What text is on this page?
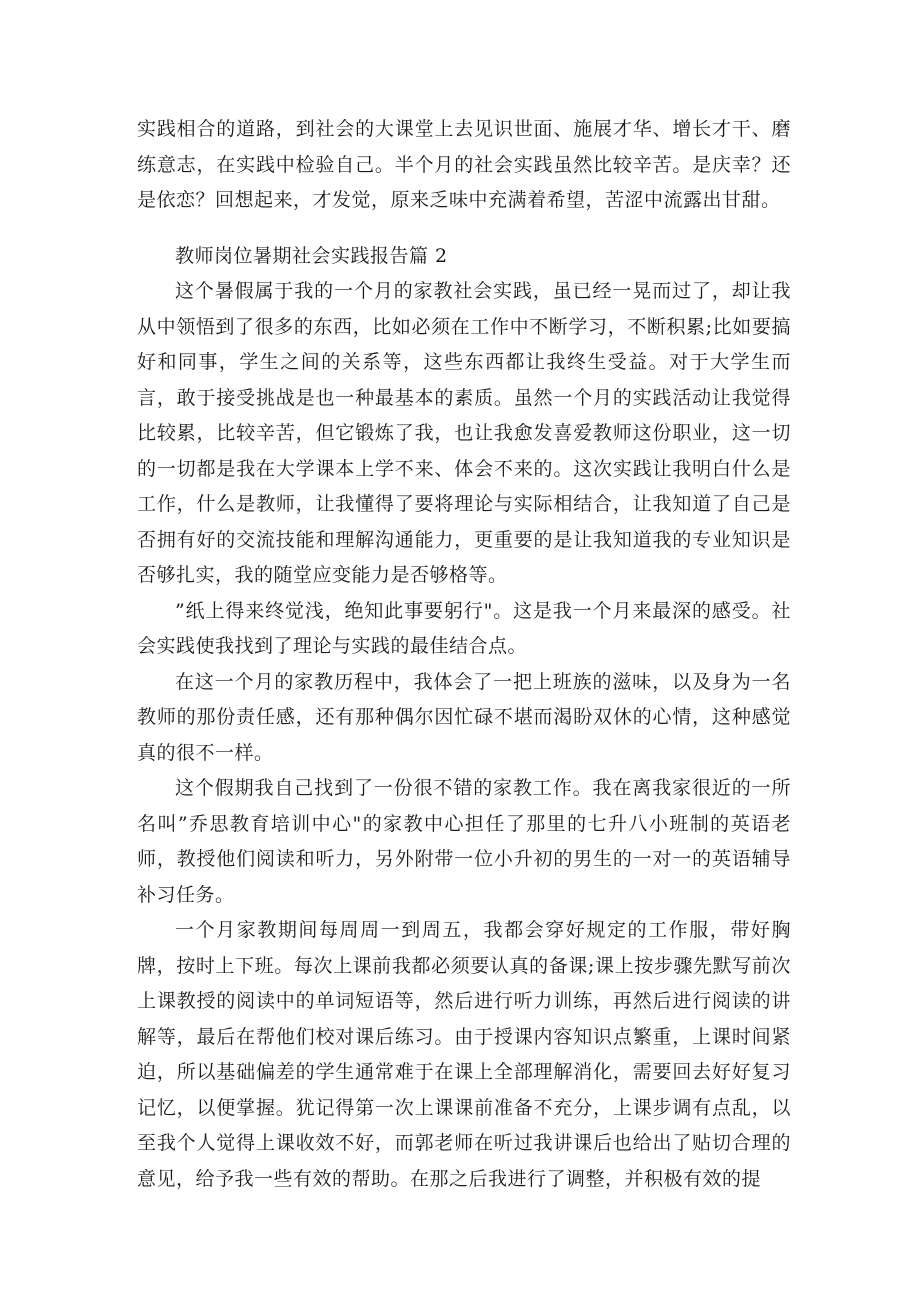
实践相合的道路，到社会的大课堂上去见识世面、施展才华、增长才干、磨练意志，在实践中检验自己。半个月的社会实践虽然比较辛苦。是庆幸？还是依恋？回想起来，才发觉，原来乏味中充满着希望，苦涩中流露出甘甜。

教师岗位暑期社会实践报告篇 2

这个暑假属于我的一个月的家教社会实践，虽已经一晃而过了，却让我从中领悟到了很多的东西，比如必须在工作中不断学习，不断积累;比如要搞好和同事，学生之间的关系等，这些东西都让我终生受益。对于大学生而言，敢于接受挑战是也一种最基本的素质。虽然一个月的实践活动让我觉得比较累，比较辛苦，但它锻炼了我，也让我愈发喜爱教师这份职业，这一切的一切都是我在大学课本上学不来、体会不来的。这次实践让我明白什么是工作，什么是教师，让我懂得了要将理论与实际相结合，让我知道了自己是否拥有好的交流技能和理解沟通能力，更重要的是让我知道我的专业知识是否够扎实，我的随堂应变能力是否够格等。

”纸上得来终觉浅，绝知此事要躬行"。这是我一个月来最深的感受。社会实践使我找到了理论与实践的最佳结合点。

在这一个月的家教历程中，我体会了一把上班族的滋味，以及身为一名教师的那份责任感，还有那种偶尔因忙碌不堪而渴盼双休的心情，这种感觉真的很不一样。

这个假期我自己找到了一份很不错的家教工作。我在离我家很近的一所名叫”乔思教育培训中心"的家教中心担任了那里的七升八小班制的英语老师，教授他们阅读和听力，另外附带一位小升初的男生的一对一的英语辅导补习任务。

一个月家教期间每周周一到周五，我都会穿好规定的工作服，带好胸牌，按时上下班。每次上课前我都必须要认真的备课;课上按步骤先默写前次上课教授的阅读中的单词短语等，然后进行听力训练，再然后进行阅读的讲解等，最后在帮他们校对课后练习。由于授课内容知识点繁重，上课时间紧迫，所以基础偏差的学生通常难于在课上全部理解消化，需要回去好好复习记忆，以便掌握。犹记得第一次上课课前准备不充分，上课步调有点乱，以至我个人觉得上课收效不好，而郭老师在听过我讲课后也给出了贴切合理的意见，给予我一些有效的帮助。在那之后我进行了调整，并积极有效的提
